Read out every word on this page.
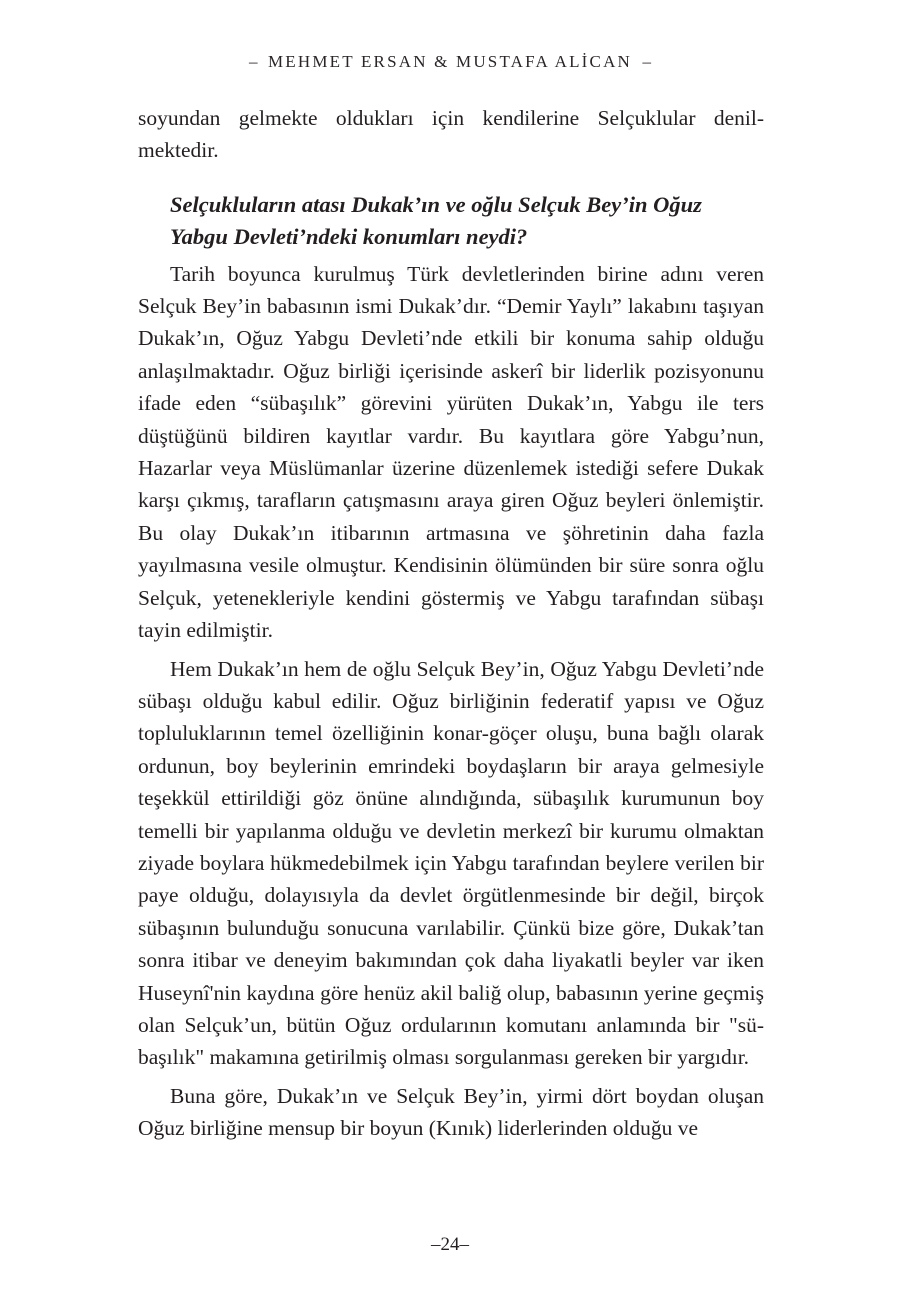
– MEHMET ERSAN & MUSTAFA ALİCAN –

soyundan gelmekte oldukları için kendilerine Selçuklular denil-mektedir.

Selçukluların atası Dukak’ın ve oğlu Selçuk Bey’in Oğuz Yabgu Devleti’ndeki konumları neydi?

Tarih boyunca kurulmuş Türk devletlerinden birine adını veren Selçuk Bey’in babasının ismi Dukak’dır. “Demir Yaylı” lakabını taşıyan Dukak’ın, Oğuz Yabgu Devleti’nde etkili bir konuma sahip olduğu anlaşılmaktadır. Oğuz birliği içerisinde askerî bir liderlik pozisyonunu ifade eden “sübaşılık” görevini yürüten Dukak’ın, Yabgu ile ters düştüğünü bildiren kayıtlar vardır. Bu kayıtlara göre Yabgu’nun, Hazarlar veya Müslümanlar üzerine düzenlemek istediği sefere Dukak karşı çıkmış, tarafların çatışmasını araya giren Oğuz beyleri önlemiştir. Bu olay Dukak’ın itibarının artmasına ve şöhretinin daha fazla yayılmasına vesile olmuştur. Kendisinin ölümünden bir süre sonra oğlu Selçuk, yetenekleriyle kendini göstermiş ve Yabgu tarafından sübaşı tayin edilmiştir.

Hem Dukak’ın hem de oğlu Selçuk Bey’in, Oğuz Yabgu Devleti’nde sübaşı olduğu kabul edilir. Oğuz birliğinin federatif yapısı ve Oğuz topluluklarının temel özelliğinin konar-göçer oluşu, buna bağlı olarak ordunun, boy beylerinin emrindeki boydaşların bir araya gelmesiyle teşekkül ettirildiği göz önüne alındığında, sübaşılık kurumunun boy temelli bir yapılanma olduğu ve devletin merkezî bir kurumu olmaktan ziyade boylara hükmedebilmek için Yabgu tarafından beylere verilen bir paye olduğu, dolayısıyla da devlet örgütlenmesinde bir değil, birçok sübaşının bulunduğu sonucuna varılabilir. Çünkü bize göre, Dukak’tan sonra itibar ve deneyim bakımından çok daha liyakatli beyler var iken Huseynî'nin kaydına göre henüz akil baliğ olup, babasının yerine geçmiş olan Selçuk’un, bütün Oğuz ordularının komutanı anlamında bir "sü-başılık" makamına getirilmiş olması sorgulanması gereken bir yargıdır.

Buna göre, Dukak’ın ve Selçuk Bey’in, yirmi dört boydan oluşan Oğuz birliğine mensup bir boyun (Kınık) liderlerinden olduğu ve

–24–
